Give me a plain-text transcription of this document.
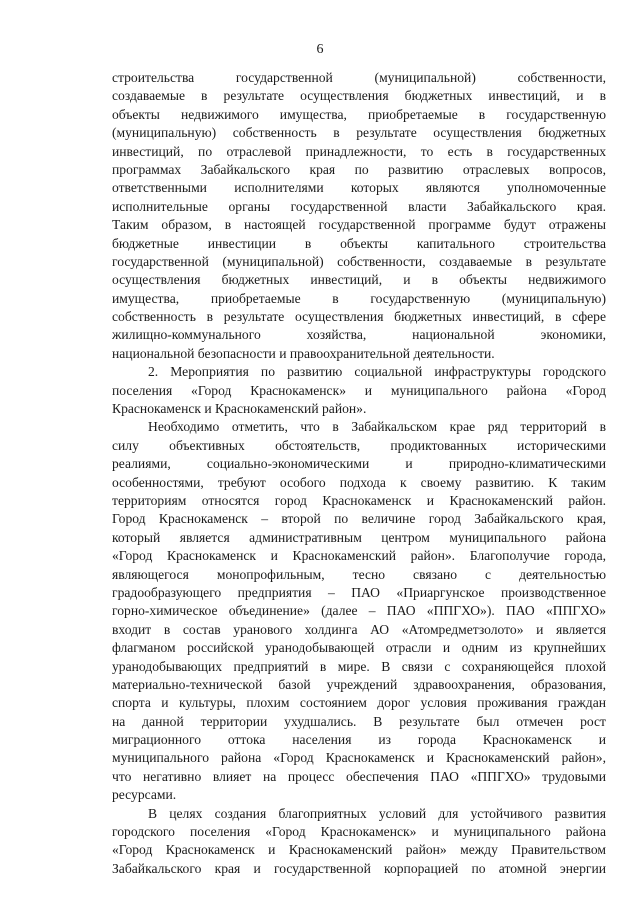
6
строительства государственной (муниципальной) собственности,
создаваемые в результате осуществления бюджетных инвестиций, и в
объекты недвижимого имущества, приобретаемые в государственную
(муниципальную) собственность в результате осуществления бюджетных
инвестиций, по отраслевой принадлежности, то есть в государственных
программах Забайкальского края по развитию отраслевых вопросов,
ответственными исполнителями которых являются уполномоченные
исполнительные органы государственной власти Забайкальского края.
Таким образом, в настоящей государственной программе будут отражены
бюджетные инвестиции в объекты капитального строительства
государственной (муниципальной) собственности, создаваемые в результате
осуществления бюджетных инвестиций, и в объекты недвижимого
имущества, приобретаемые в государственную (муниципальную)
собственность в результате осуществления бюджетных инвестиций, в сфере
жилищно-коммунального хозяйства, национальной экономики,
национальной безопасности и правоохранительной деятельности.
2. Мероприятия по развитию социальной инфраструктуры городского
поселения «Город Краснокаменск» и муниципального района «Город
Краснокаменск и Краснокаменский район».
Необходимо отметить, что в Забайкальском крае ряд территорий в
силу объективных обстоятельств, продиктованных историческими
реалиями, социально-экономическими и природно-климатическими
особенностями, требуют особого подхода к своему развитию. К таким
территориям относятся город Краснокаменск и Краснокаменский район.
Город Краснокаменск – второй по величине город Забайкальского края,
который является административным центром муниципального района
«Город Краснокаменск и Краснокаменский район». Благополучие города,
являющегося монопрофильным, тесно связано с деятельностью
градообразующего предприятия – ПАО «Приаргунское производственное
горно-химическое объединение» (далее – ПАО «ППГХО»). ПАО «ППГХО»
входит в состав уранового холдинга АО «Атомредметзолото» и является
флагманом российской уранодобывающей отрасли и одним из крупнейших
уранодобывающих предприятий в мире. В связи с сохраняющейся плохой
материально-технической базой учреждений здравоохранения, образования,
спорта и культуры, плохим состоянием дорог условия проживания граждан
на данной территории ухудшались. В результате был отмечен рост
миграционного оттока населения из города Краснокаменск и
муниципального района «Город Краснокаменск и Краснокаменский район»,
что негативно влияет на процесс обеспечения ПАО «ППГХО» трудовыми
ресурсами.
В целях создания благоприятных условий для устойчивого развития
городского поселения «Город Краснокаменск» и муниципального района
«Город Краснокаменск и Краснокаменский район» между Правительством
Забайкальского края и государственной корпорацией по атомной энергии
